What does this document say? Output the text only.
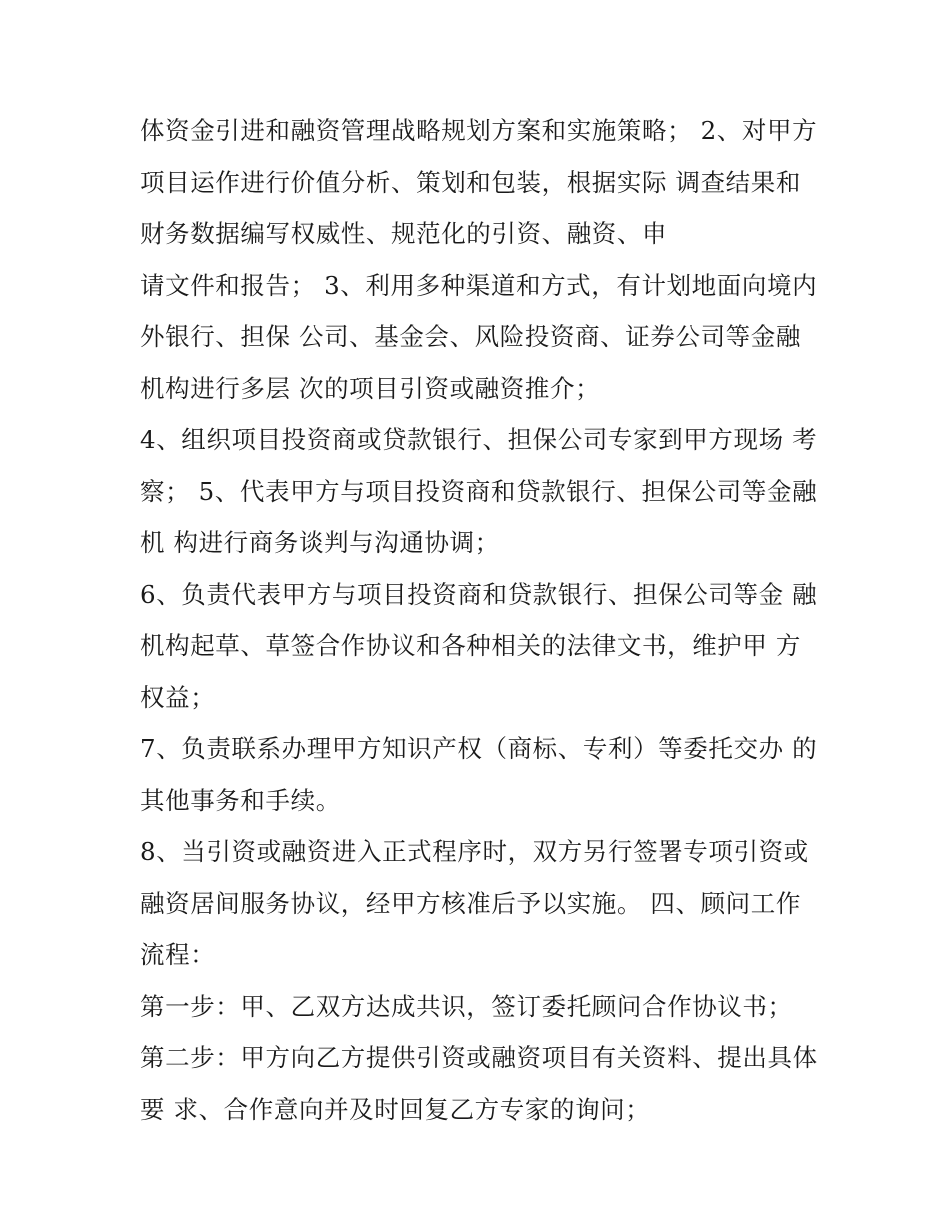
体资金引进和融资管理战略规划方案和实施策略； 2、对甲方
项目运作进行价值分析、策划和包装，根据实际 调查结果和
财务数据编写权威性、规范化的引资、融资、申
请文件和报告； 3、利用多种渠道和方式，有计划地面向境内
外银行、担保 公司、基金会、风险投资商、证券公司等金融
机构进行多层 次的项目引资或融资推介；
4、组织项目投资商或贷款银行、担保公司专家到甲方现场 考
察； 5、代表甲方与项目投资商和贷款银行、担保公司等金融
机 构进行商务谈判与沟通协调；
6、负责代表甲方与项目投资商和贷款银行、担保公司等金 融
机构起草、草签合作协议和各种相关的法律文书，维护甲 方
权益；
7、负责联系办理甲方知识产权（商标、专利）等委托交办 的
其他事务和手续。
8、当引资或融资进入正式程序时，双方另行签署专项引资或
融资居间服务协议，经甲方核准后予以实施。 四、顾问工作
流程：
第一步：甲、乙双方达成共识，签订委托顾问合作协议书；
第二步：甲方向乙方提供引资或融资项目有关资料、提出具体
要 求、合作意向并及时回复乙方专家的询问；
